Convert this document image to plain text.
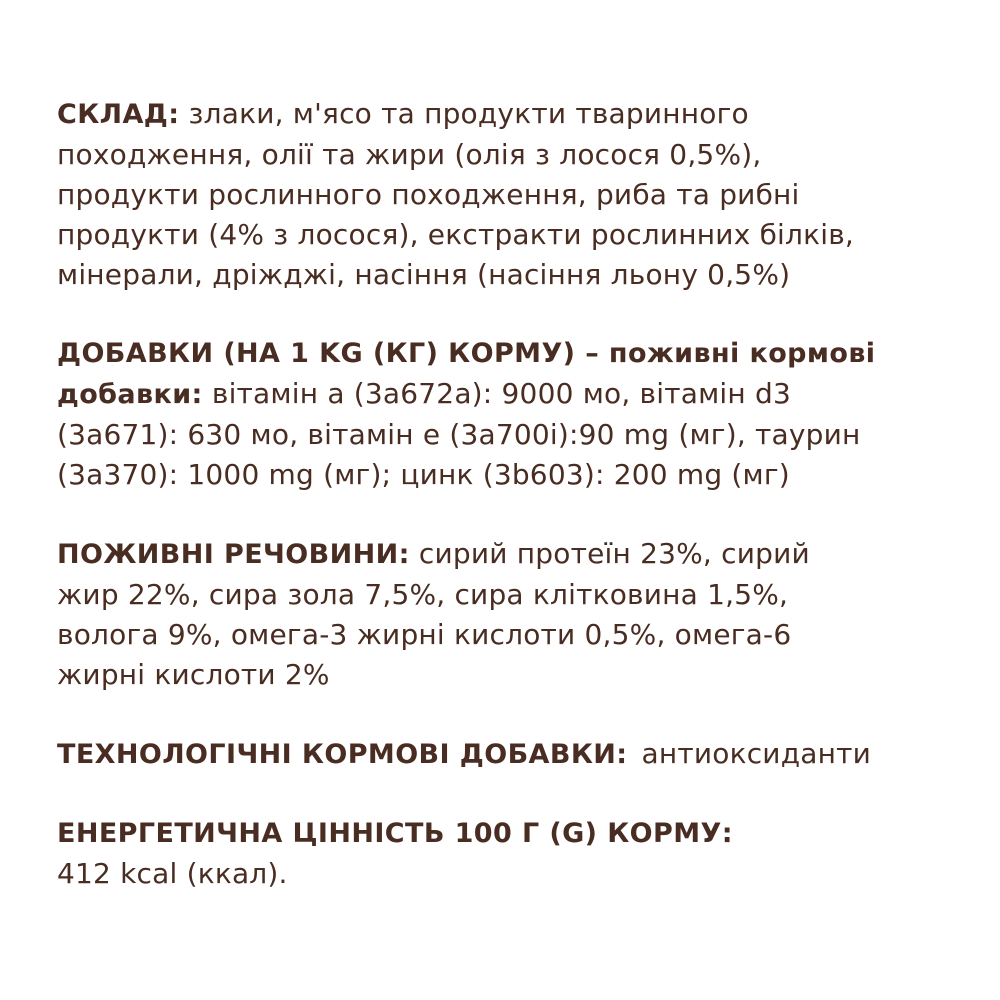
СКЛАД: злаки, м'ясо та продукти тваринного
походження, олії та жири (олія з лосося 0,5%),
продукти рослинного походження, риба та рибні
продукти (4% з лосося), екстракти рослинних білків,
мінерали, дріжджі, насіння (насіння льону 0,5%)
ДОБАВКИ (НА 1 KG (КГ) КОРМУ) – поживні кормові
добавки: вітамін а (3a672a): 9000 мо, вітамін d3
(3a671): 630 мо, вітамін е (3a700i):90 mg (мг), таурин
(3a370): 1000 mg (мг); цинк (3b603): 200 mg (мг)
ПОЖИВНІ РЕЧОВИНИ: сирий протеїн 23%, сирий
жир 22%, сира зола 7,5%, сира клітковина 1,5%,
волога 9%, омега-3 жирні кислоти 0,5%, омега-6
жирні кислоти 2%
ТЕХНОЛОГІЧНІ КОРМОВІ ДОБАВКИ: антиоксиданти
ЕНЕРГЕТИЧНА ЦІННІСТЬ 100 Г (G) КОРМУ:
412 kcal (ккал).
